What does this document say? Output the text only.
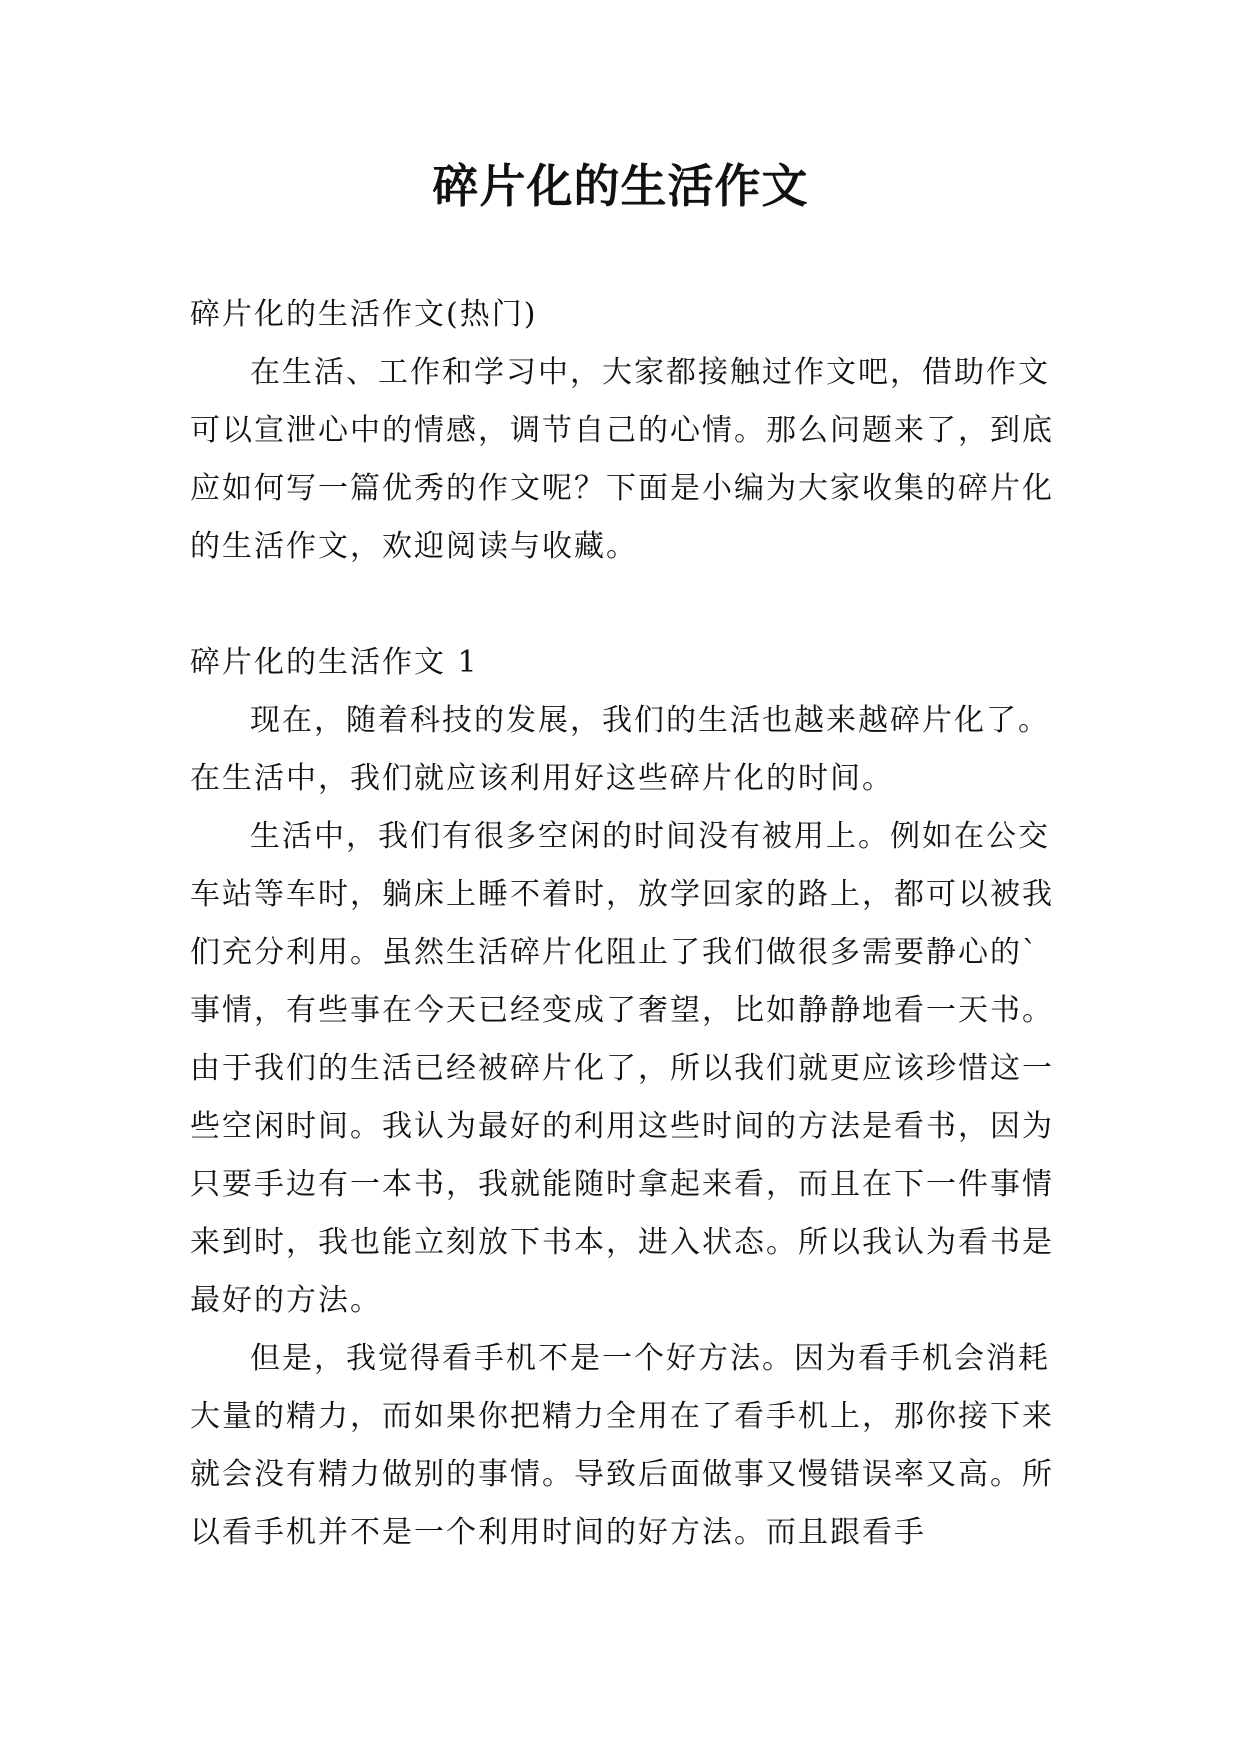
碎片化的生活作文

碎片化的生活作文(热门)

在生活、工作和学习中，大家都接触过作文吧，借助作文可以宣泄心中的情感，调节自己的心情。那么问题来了，到底应如何写一篇优秀的作文呢？下面是小编为大家收集的碎片化的生活作文，欢迎阅读与收藏。

碎片化的生活作文 1

现在，随着科技的发展，我们的生活也越来越碎片化了。在生活中，我们就应该利用好这些碎片化的时间。

生活中，我们有很多空闲的时间没有被用上。例如在公交车站等车时，躺床上睡不着时，放学回家的路上，都可以被我们充分利用。虽然生活碎片化阻止了我们做很多需要静心的`事情，有些事在今天已经变成了奢望，比如静静地看一天书。由于我们的生活已经被碎片化了，所以我们就更应该珍惜这一些空闲时间。我认为最好的利用这些时间的方法是看书，因为只要手边有一本书，我就能随时拿起来看，而且在下一件事情来到时，我也能立刻放下书本，进入状态。所以我认为看书是最好的方法。

但是，我觉得看手机不是一个好方法。因为看手机会消耗大量的精力，而如果你把精力全用在了看手机上，那你接下来就会没有精力做别的事情。导致后面做事又慢错误率又高。所以看手机并不是一个利用时间的好方法。而且跟看手
